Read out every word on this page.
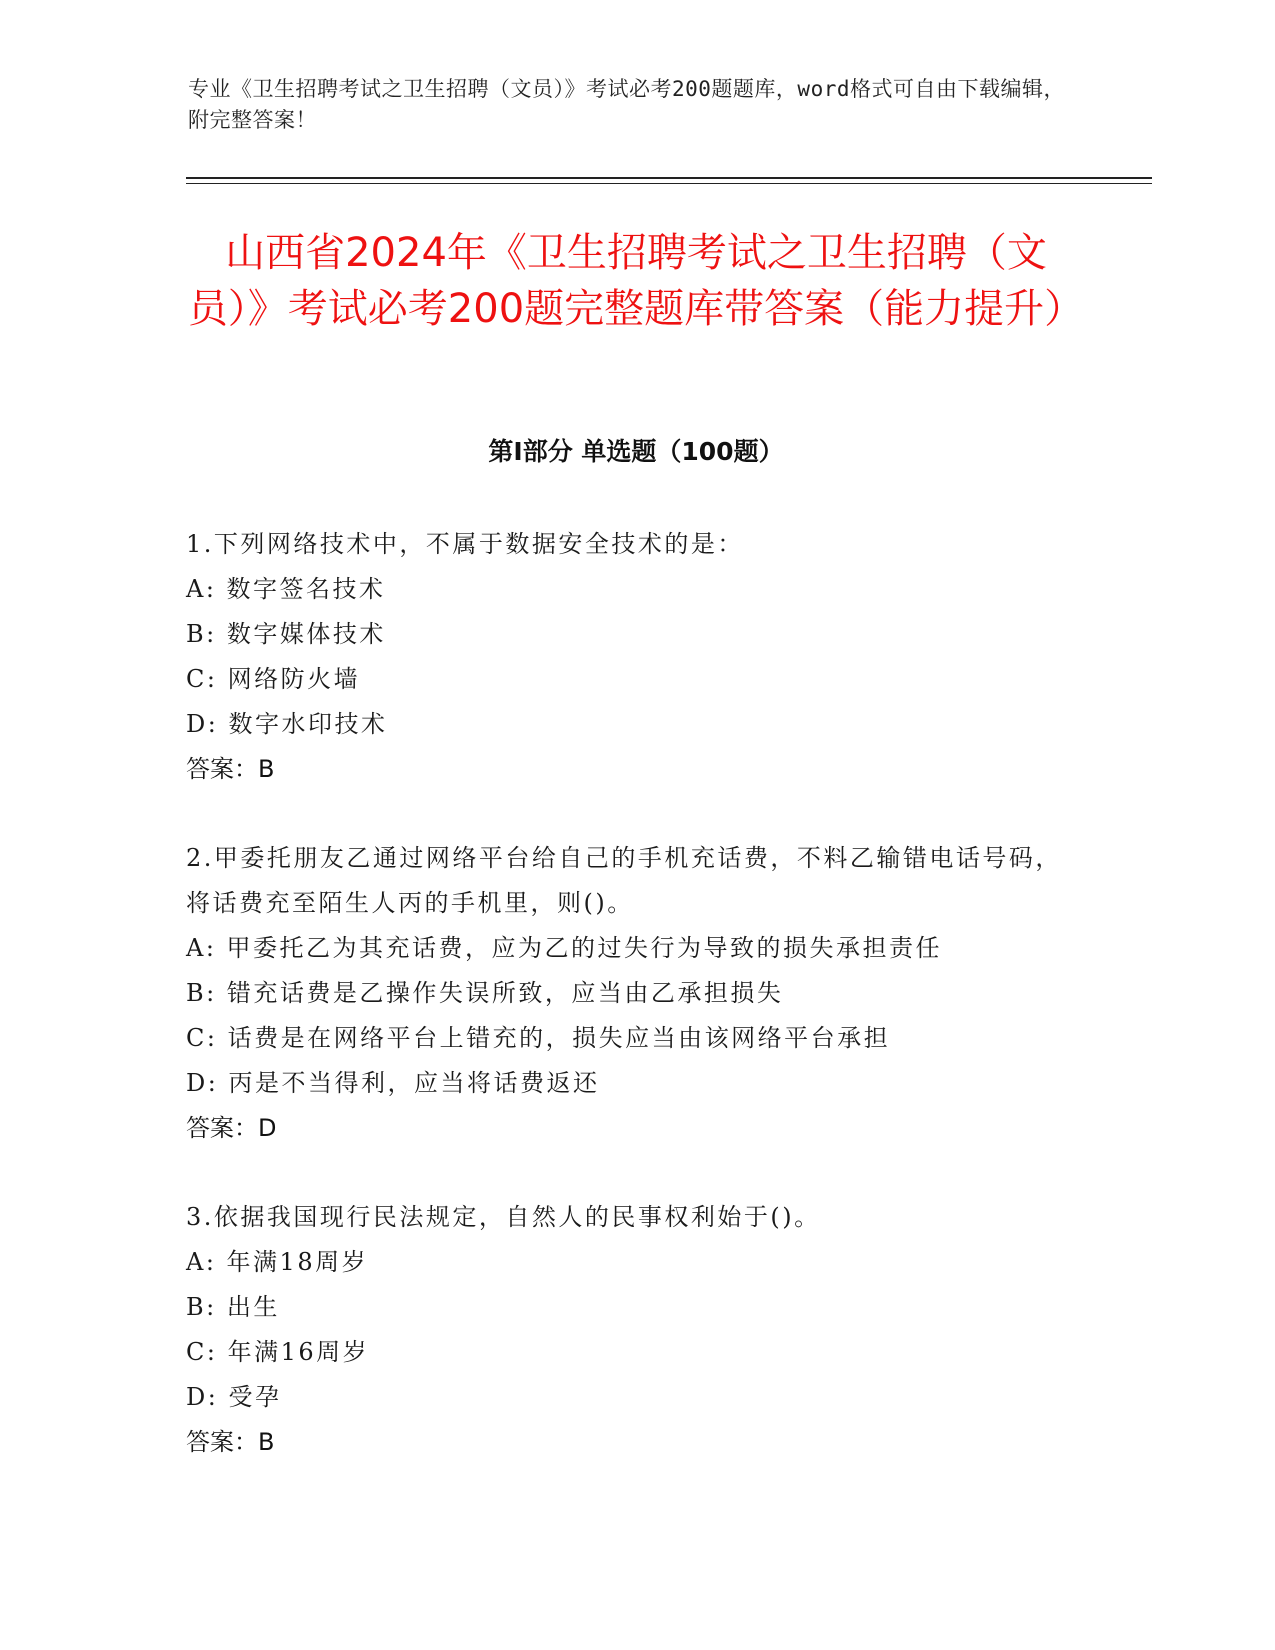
专业《卫生招聘考试之卫生招聘（文员）》考试必考200题题库，word格式可自由下载编辑，附完整答案！
山西省2024年《卫生招聘考试之卫生招聘（文员）》考试必考200题完整题库带答案（能力提升）
第I部分 单选题（100题）

1.下列网络技术中，不属于数据安全技术的是：

A: 数字签名技术

B: 数字媒体技术

C: 网络防火墙

D: 数字水印技术

答案：B

2.甲委托朋友乙通过网络平台给自己的手机充话费，不料乙输错电话号码，将话费充至陌生人丙的手机里，则()。

A: 甲委托乙为其充话费，应为乙的过失行为导致的损失承担责任

B: 错充话费是乙操作失误所致，应当由乙承担损失

C: 话费是在网络平台上错充的，损失应当由该网络平台承担

D: 丙是不当得利，应当将话费返还

答案：D

3.依据我国现行民法规定，自然人的民事权利始于()。

A: 年满18周岁

B: 出生

C: 年满16周岁

D: 受孕

答案：B
